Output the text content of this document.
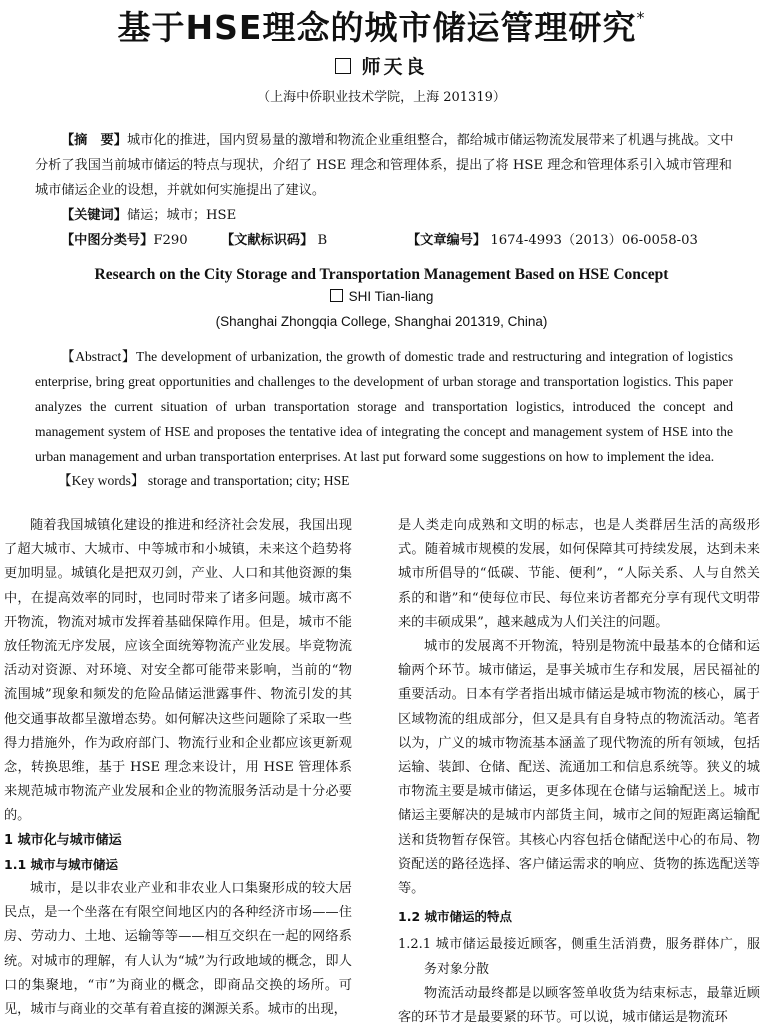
基于HSE理念的城市储运管理研究*
师天良
（上海中侨职业技术学院，上海 201319）

【摘　要】城市化的推进，国内贸易量的激增和物流企业重组整合，都给城市储运物流发展带来了机遇与挑战。文中分析了我国当前城市储运的特点与现状，介绍了 HSE 理念和管理体系，提出了将 HSE 理念和管理体系引入城市管理和城市储运企业的设想，并就如何实施提出了建议。

【关键词】储运；城市；HSE

【中图分类号】F290	【文献标识码】 B	【文章编号】 1674-4993（2013）06-0058-03
Research on the City Storage and Transportation Management Based on HSE Concept
SHI Tian-liang
(Shanghai Zhongqia College, Shanghai 201319, China)

【Abstract】The development of urbanization, the growth of domestic trade and restructuring and integration of logistics enterprise, bring great opportunities and challenges to the development of urban storage and transportation logistics. This paper analyzes the current situation of urban transportation storage and transportation logistics, introduced the concept and management system of HSE and proposes the tentative idea of integrating the concept and management system of HSE into the urban management and urban transportation enterprises. At last put forward some suggestions on how to implement the idea.

【Key words】 storage and transportation; city; HSE

随着我国城镇化建设的推进和经济社会发展，我国出现了超大城市、大城市、中等城市和小城镇，未来这个趋势将更加明显。城镇化是把双刃剑，产业、人口和其他资源的集中，在提高效率的同时，也同时带来了诸多问题。城市离不开物流，物流对城市发挥着基础保障作用。但是，城市不能放任物流无序发展，应该全面统筹物流产业发展。毕竟物流活动对资源、对环境、对安全都可能带来影响，当前的“物流围城”现象和频发的危险品储运泄露事件、物流引发的其他交通事故都呈激增态势。如何解决这些问题除了采取一些得力措施外，作为政府部门、物流行业和企业都应该更新观念，转换思维，基于 HSE 理念来设计，用 HSE 管理体系来规范城市物流产业发展和企业的物流服务活动是十分必要的。

1 城市化与城市储运

1.1 城市与城市储运

城市，是以非农业产业和非农业人口集聚形成的较大居民点，是一个坐落在有限空间地区内的各种经济市场——住房、劳动力、土地、运输等等——相互交织在一起的网络系统。对城市的理解，有人认为“城”为行政地域的概念，即人口的集聚地，“市”为商业的概念，即商品交换的场所。可见，城市与商业的交革有着直接的渊源关系。城市的出现，

是人类走向成熟和文明的标志，也是人类群居生活的高级形式。随着城市规模的发展，如何保障其可持续发展，达到未来城市所倡导的“低碳、节能、便利”，“人际关系、人与自然关系的和谐”和“使每位市民、每位来访者都充分享有现代文明带来的丰硕成果”，越来越成为人们关注的问题。

城市的发展离不开物流，特别是物流中最基本的仓储和运输两个环节。城市储运，是事关城市生存和发展，居民福祉的重要活动。日本有学者指出城市储运是城市物流的核心，属于区域物流的组成部分，但又是具有自身特点的物流活动。笔者以为，广义的城市物流基本涵盖了现代物流的所有领域，包括运输、装卸、仓储、配送、流通加工和信息系统等。狭义的城市物流主要是城市储运，更多体现在仓储与运输配送上。城市储运主要解决的是城市内部货主间，城市之间的短距离运输配送和货物暂存保管。其核心内容包括仓储配送中心的布局、物资配送的路径选择、客户储运需求的响应、货物的拣选配送等等。

1.2 城市储运的特点

1.2.1 城市储运最接近顾客，侧重生活消费，服务群体广，服务对象分散

物流活动最终都是以顾客签单收货为结束标志，最靠近顾客的环节才是最要紧的环节。可以说，城市储运是物流环
